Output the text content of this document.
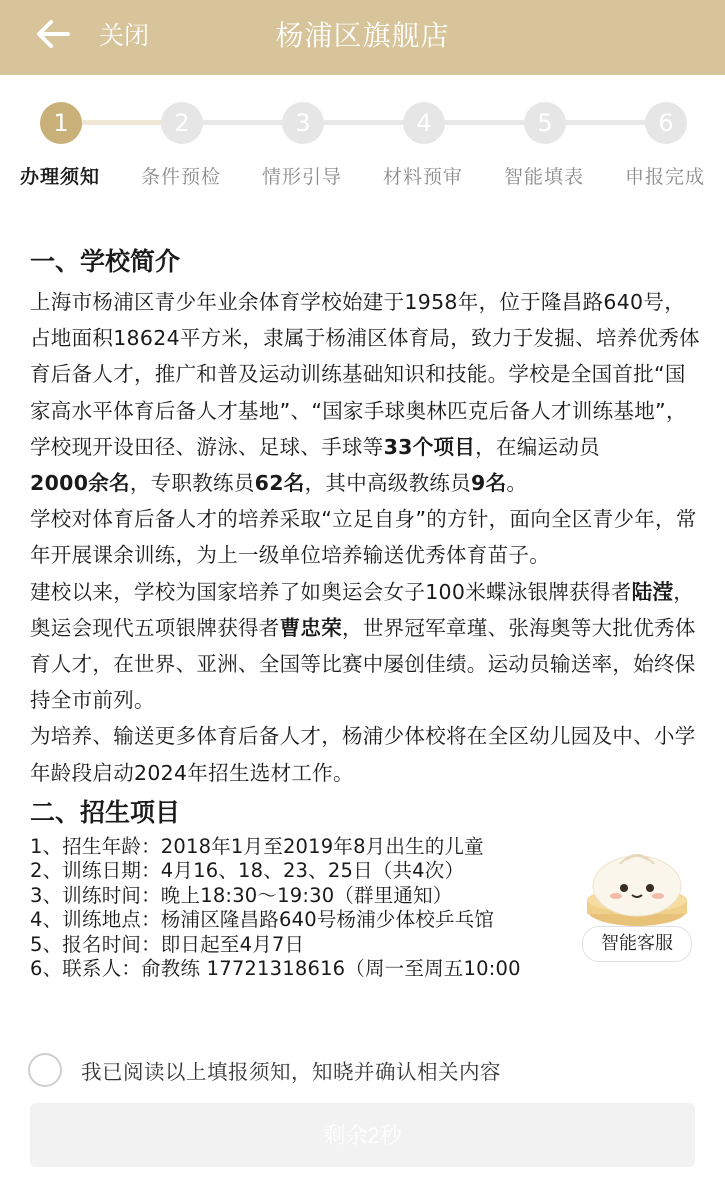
关闭	杨浦区旗舰店
1	2	3	4	5	6
办理须知	条件预检	情形引导	材料预审	智能填表	申报完成
一、学校简介

上海市杨浦区青少年业余体育学校始建于1958年，位于隆昌路640号，占地面积18624平方米，隶属于杨浦区体育局，致力于发掘、培养优秀体育后备人才，推广和普及运动训练基础知识和技能。学校是全国首批“国家高水平体育后备人才基地”、“国家手球奥林匹克后备人才训练基地”，学校现开设田径、游泳、足球、手球等33个项目，在编运动员
2000余名，专职教练员62名，其中高级教练员9名。

学校对体育后备人才的培养采取“立足自身”的方针，面向全区青少年，常年开展课余训练，为上一级单位培养输送优秀体育苗子。

建校以来，学校为国家培养了如奥运会女子100米蝶泳银牌获得者陆滢，奥运会现代五项银牌获得者曹忠荣，世界冠军章瑾、张海奥等大批优秀体育人才，在世界、亚洲、全国等比赛中屡创佳绩。运动员输送率，始终保持全市前列。

为培养、输送更多体育后备人才，杨浦少体校将在全区幼儿园及中、小学年龄段启动2024年招生选材工作。

二、招生项目

1、招生年龄：2018年1月至2019年8月出生的儿童

2、训练日期：4月16、18、23、25日（共4次）

3、训练时间：晚上18:30～19:30（群里通知）

4、训练地点：杨浦区隆昌路640号杨浦少体校乒乓馆

5、报名时间：即日起至4月7日

6、联系人：俞教练 17721318616（周一至周五10:00

智能客服
我已阅读以上填报须知，知晓并确认相关内容
剩余2秒
